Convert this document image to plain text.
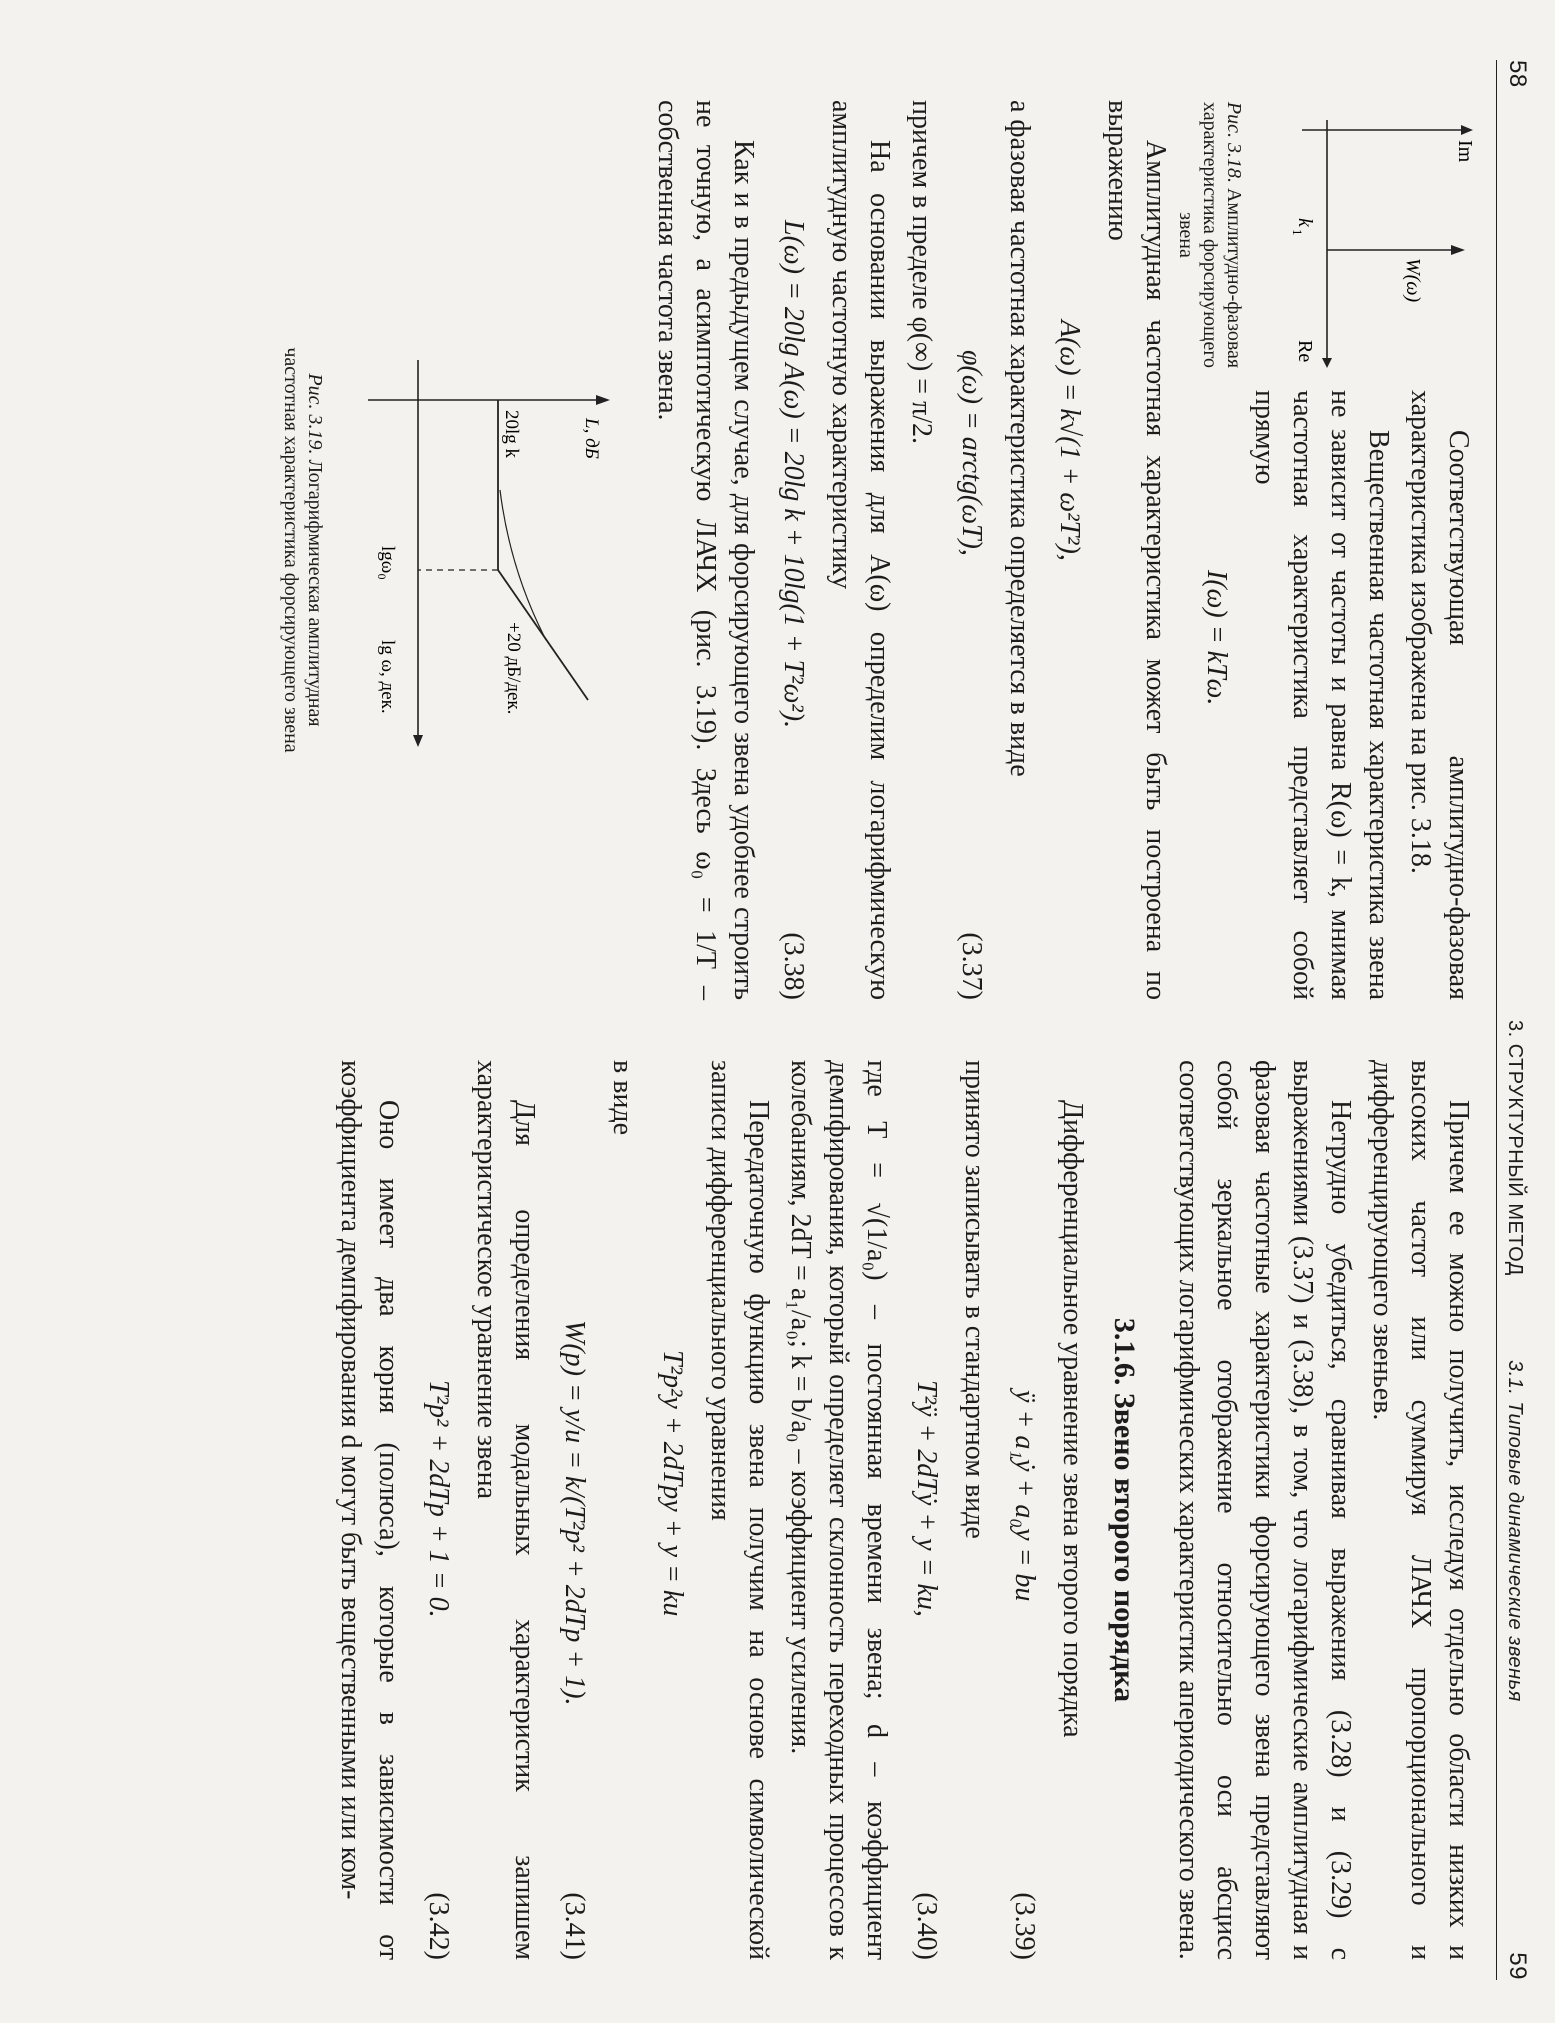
58
Im
Re
W(ω)
k
1
Рис. 3.18. Амплитудно-фазовая характеристика форсирующего звена

Соответствующая амплитудно-фазовая характеристика изображена на рис. 3.18.

Вещественная частотная характеристика звена не зависит от частоты и равна R(ω) = k, мнимая частотная характеристика представляет собой прямую

I(ω) = kTω.

Амплитудная частотная характеристика может быть построена по выражению

A(ω) = k√(1 + ω²T²),

а фазовая частотная характеристика определяется в виде

φ(ω) = arctg(ωT),
(3.37)

причем в пределе φ(∞) = π/2.

На основании выражения для A(ω) определим логарифмическую амплитудную частотную характеристику

L(ω) = 20lg A(ω) = 20lg k + 10lg(1 + T²ω²).
(3.38)

Как и в предыдущем случае, для форсирующего звена удобнее строить не точную, а асимптотическую ЛАЧХ (рис. 3.19). Здесь ω₀ = 1/T – собственная частота звена.

L, дБ
lg ω, дек.
20lg k
lgω₀
+20 дБ/дек.
Рис. 3.19. Логарифмическая амплитудная частотная характеристика форсирующего звена
3. СТРУКТУРНЫЙ МЕТОД
3.1. Типовые динамические звенья
59

Причем ее можно получить, исследуя отдельно области низких и высоких частот или суммируя ЛАЧХ пропорционального и дифференцирующего звеньев.

Нетрудно убедиться, сравнивая выражения (3.28) и (3.29) с выражениями (3.37) и (3.38), в том, что логарифмические амплитудная и фазовая частотные характеристики форсирующего звена представляют собой зеркальное отображение относительно оси абсцисс соответствующих логарифмических характеристик апериодического звена.

3.1.6. Звено второго порядка

Дифференциальное уравнение звена второго порядка

ÿ + a₁ẏ + a₀y = bu
(3.39)

принято записывать в стандартном виде

T²ÿ + 2dTẏ + y = ku,
(3.40)

где T = √(1/a₀) – постоянная времени звена; d – коэффициент демпфирования, который определяет склонность переходных процессов к колебаниям, 2dT = a₁/a₀; k = b/a₀ – коэффициент усиления.

Передаточную функцию звена получим на основе символической записи дифференциального уравнения

T²p²y + 2dTpy + y = ku

в виде

W(p) = y/u = k/(T²p² + 2dTp + 1).
(3.41)

Для определения модальных характеристик запишем характеристическое уравнение звена

T²p² + 2dTp + 1 = 0.
(3.42)

Оно имеет два корня (полюса), которые в зависимости от коэффициента демпфирования d могут быть вещественными или ком-
